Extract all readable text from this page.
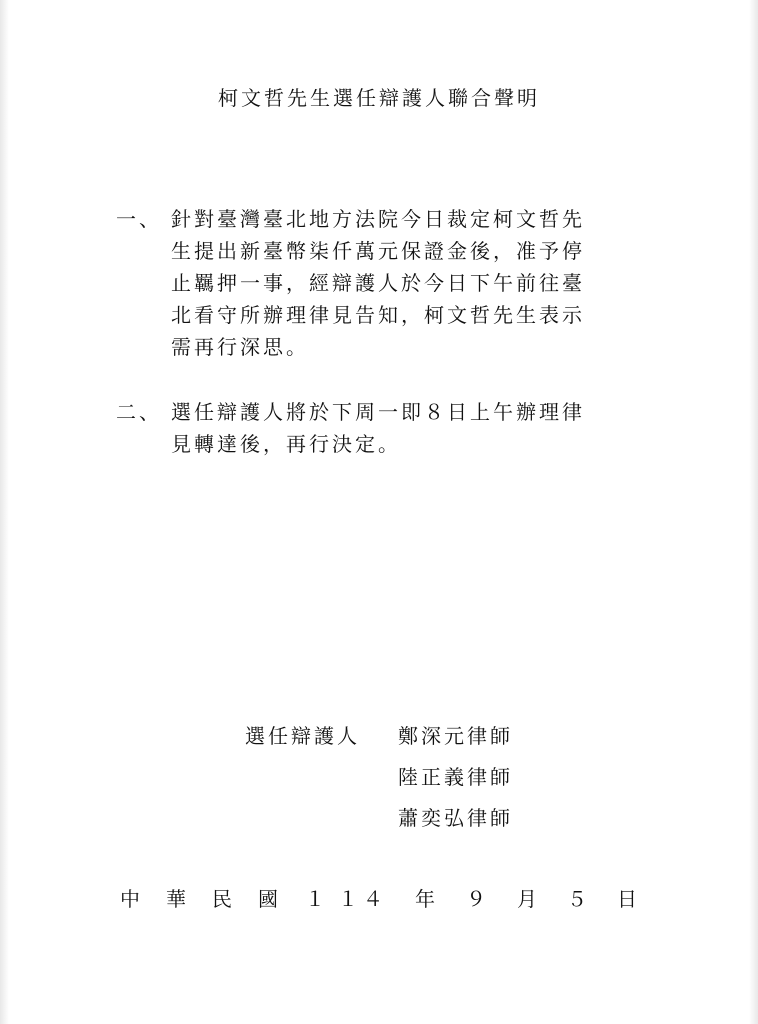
柯文哲先生選任辯護人聯合聲明
一、 針對臺灣臺北地方法院今日裁定柯文哲先
生提出新臺幣柒仟萬元保證金後，准予停
止羈押一事，經辯護人於今日下午前往臺
北看守所辦理律見告知，柯文哲先生表示
需再行深思。
二、 選任辯護人將於下周一即８日上午辦理律
見轉達後，再行決定。
選任辯護人 鄭深元律師
陸正義律師
蕭奕弘律師
中 華 民 國 １ １ ４ 年 ９ 月 ５ 日
